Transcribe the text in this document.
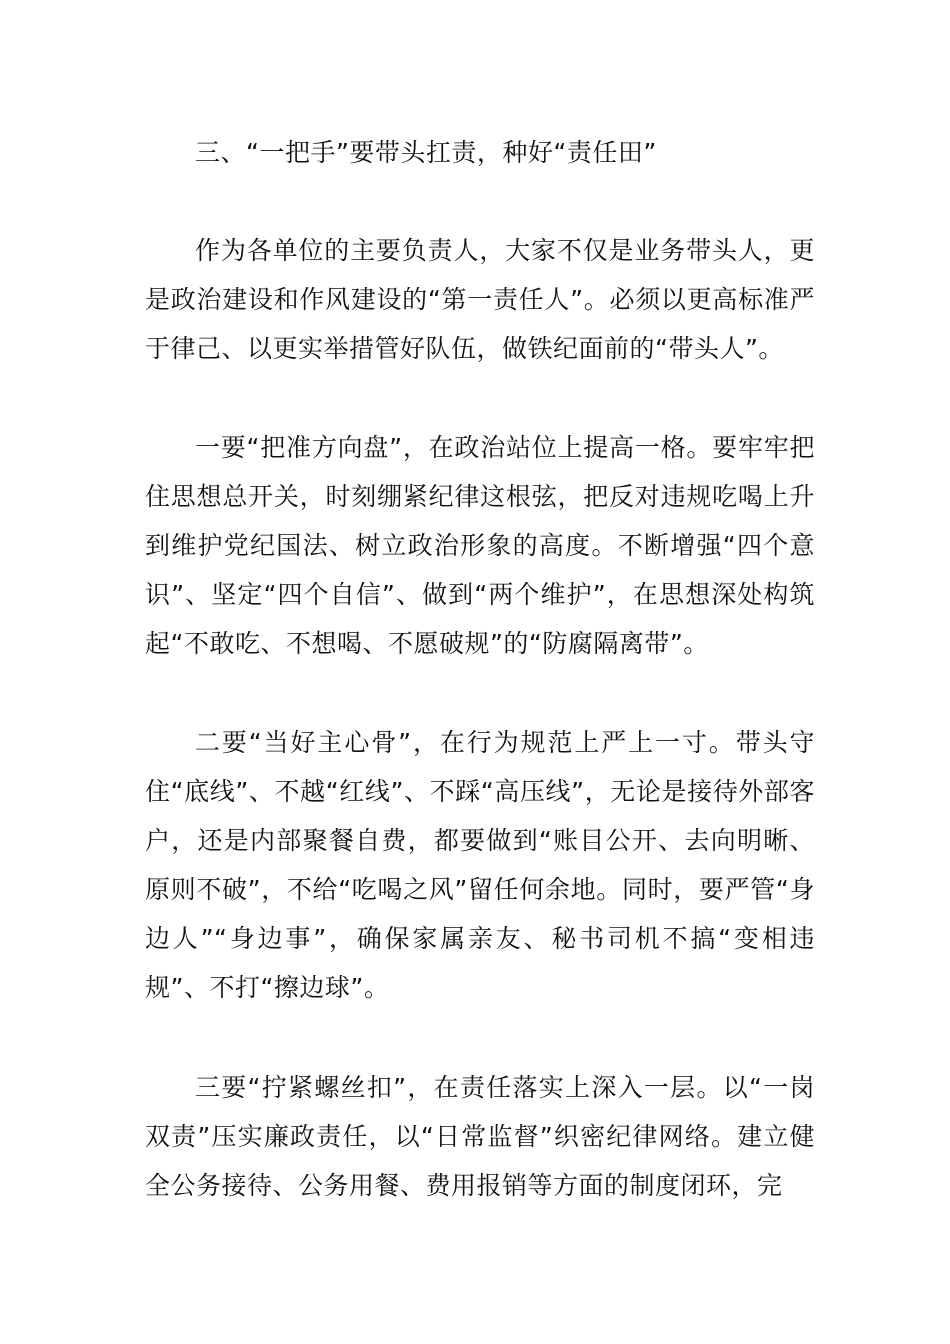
三、“一把手”要带头扛责，种好“责任田”

作为各单位的主要负责人，大家不仅是业务带头人，更是政治建设和作风建设的“第一责任人”。必须以更高标准严于律己、以更实举措管好队伍，做铁纪面前的“带头人”。

一要“把准方向盘”，在政治站位上提高一格。要牢牢把住思想总开关，时刻绷紧纪律这根弦，把反对违规吃喝上升到维护党纪国法、树立政治形象的高度。不断增强“四个意识”、坚定“四个自信”、做到“两个维护”，在思想深处构筑起“不敢吃、不想喝、不愿破规”的“防腐隔离带”。

二要“当好主心骨”，在行为规范上严上一寸。带头守住“底线”、不越“红线”、不踩“高压线”，无论是接待外部客户，还是内部聚餐自费，都要做到“账目公开、去向明晰、原则不破”，不给“吃喝之风”留任何余地。同时，要严管“身边人”“身边事”，确保家属亲友、秘书司机不搞“变相违规”、不打“擦边球”。

三要“拧紧螺丝扣”，在责任落实上深入一层。以“一岗双责”压实廉政责任，以“日常监督”织密纪律网络。建立健全公务接待、公务用餐、费用报销等方面的制度闭环，完
